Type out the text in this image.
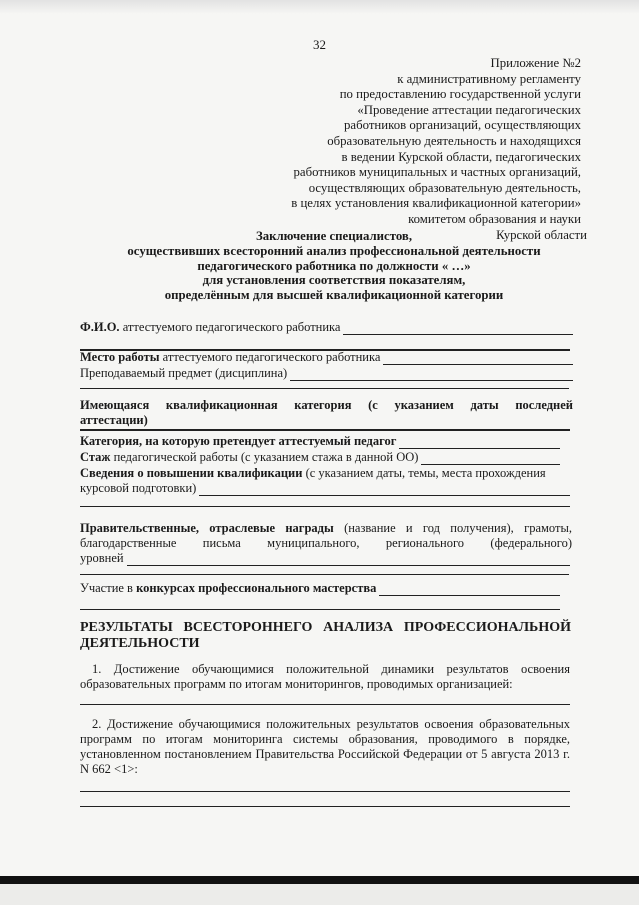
32
Приложение №2
к административному регламенту
по предоставлению государственной услуги
«Проведение аттестации педагогических
работников организаций, осуществляющих
образовательную деятельность и находящихся
в ведении Курской области, педагогических
работников муниципальных и частных организаций,
осуществляющих образовательную деятельность,
в целях установления квалификационной категории»
комитетом образования и науки
Курской области
Заключение специалистов,
осуществивших всесторонний анализ профессиональной деятельности
педагогического работника по должности « …»
для установления соответствия показателям,
определённым для высшей квалификационной категории
Ф.И.О.
аттестуемого педагогического работника
Место работы
аттестуемого педагогического работника
Преподаваемый предмет (дисциплина)
Имеющаяся квалификационная категория (с указанием даты последней
аттестации)
Категория, на которую претендует аттестуемый педагог
Стаж
педагогической работы (с указанием стажа в данной ОО)
Сведения о повышении квалификации (с указанием даты, темы, места прохождения
курсовой подготовки)
Правительственные, отраслевые награды (название и год получения), грамоты,
благодарственные письма муниципального, регионального (федерального)
уровней
Участие в
конкурсах профессионального мастерства
РЕЗУЛЬТАТЫ ВСЕСТОРОННЕГО АНАЛИЗА ПРОФЕССИОНАЛЬНОЙ
ДЕЯТЕЛЬНОСТИ
1. Достижение обучающимися положительной динамики результатов освоения образовательных программ по итогам мониторингов, проводимых организацией:
2. Достижение обучающимися положительных результатов освоения образовательных программ по итогам мониторинга системы образования, проводимого в порядке, установленном постановлением Правительства Российской Федерации от 5 августа 2013 г. N 662 <1>:
